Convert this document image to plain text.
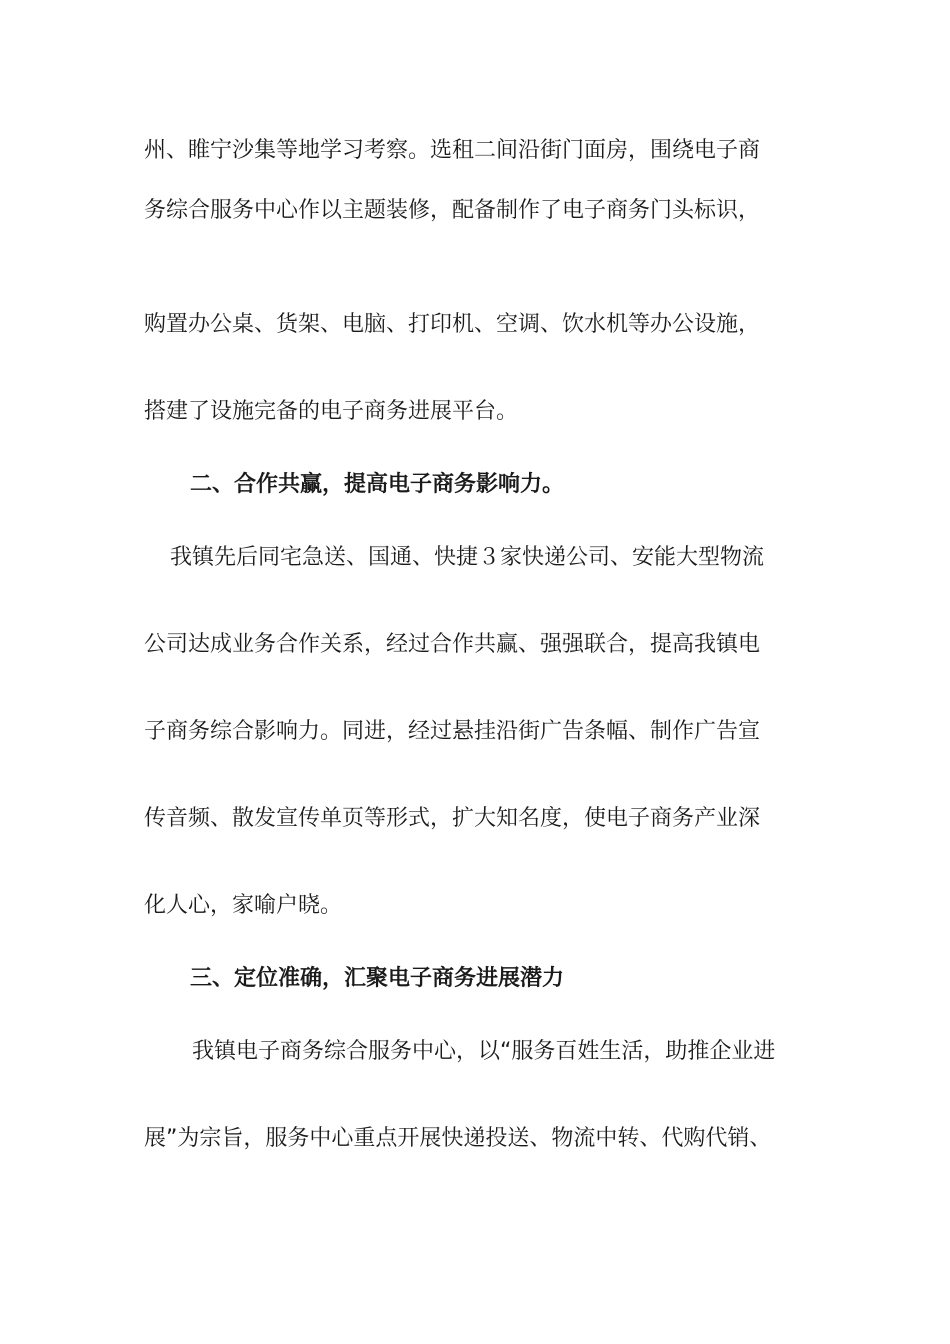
州、睢宁沙集等地学习考察。选租二间沿街门面房，围绕电子商
务综合服务中心作以主题装修，配备制作了电子商务门头标识，
购置办公桌、货架、电脑、打印机、空调、饮水机等办公设施，
搭建了设施完备的电子商务进展平台。
二、合作共赢，提高电子商务影响力。
我镇先后同宅急送、国通、快捷３家快递公司、安能大型物流
公司达成业务合作关系，经过合作共赢、强强联合，提高我镇电
子商务综合影响力。同进，经过悬挂沿街广告条幅、制作广告宣
传音频、散发宣传单页等形式，扩大知名度，使电子商务产业深
化人心，家喻户晓。
三、定位准确，汇聚电子商务进展潜力
我镇电子商务综合服务中心，以“服务百姓生活，助推企业进
展”为宗旨，服务中心重点开展快递投送、物流中转、代购代销、
